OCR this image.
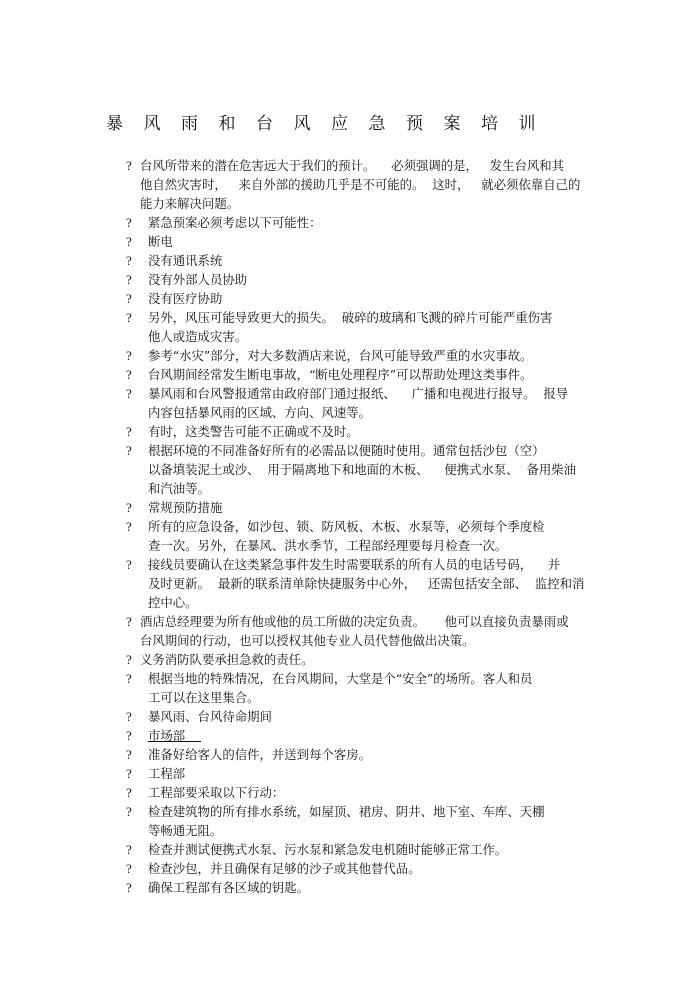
暴风雨和台风应急预案培训
? 台风所带来的潜在危害远大于我们的预计。    必须强调的是，   发生台风和其
他自然灾害时，   来自外部的援助几乎是不可能的。  这时，   就必须依靠自己的
能力来解决问题。
? 紧急预案必须考虑以下可能性：
? 断电
? 没有通讯系统
? 没有外部人员协助
? 没有医疗协助
? 另外，风压可能导致更大的损失。  破碎的玻璃和飞溅的碎片可能严重伤害
他人或造成灾害。
? 参考“水灾”部分，对大多数酒店来说，台风可能导致严重的水灾事故。
? 台风期间经常发生断电事故，“断电处理程序”可以帮助处理这类事件。
? 暴风雨和台风警报通常由政府部门通过报纸、    广播和电视进行报导。  报导
内容包括暴风雨的区域、方向、风速等。
? 有时，这类警告可能不正确或不及时。
? 根据环境的不同准备好所有的必需品以便随时使用。通常包括沙包（空）
以备填装泥土或沙、  用于隔离地下和地面的木板、    便携式水泵、  备用柴油
和汽油等。
? 常规预防措施
? 所有的应急设备，如沙包、锁、防风板、木板、水泵等，必须每个季度检
查一次。另外，在暴风、洪水季节，工程部经理要每月检查一次。
? 接线员要确认在这类紧急事件发生时需要联系的所有人员的电话号码，    并
及时更新。  最新的联系清单除快捷服务中心外，   还需包括安全部、  监控和消
控中心。
? 酒店总经理要为所有他或他的员工所做的决定负责。     他可以直接负责暴雨或
台风期间的行动，也可以授权其他专业人员代替他做出决策。
? 义务消防队要承担急救的责任。
? 根据当地的特殊情况，在台风期间，大堂是个“安全”的场所。客人和员
工可以在这里集合。
? 暴风雨、台风待命期间
? 市场部
? 准备好给客人的信件，并送到每个客房。
? 工程部
? 工程部要采取以下行动：
? 检查建筑物的所有排水系统，如屋顶、裙房、阴井、地下室、车库、天棚
等畅通无阻。
? 检查并测试便携式水泵、污水泵和紧急发电机随时能够正常工作。
? 检查沙包，并且确保有足够的沙子或其他替代品。
? 确保工程部有各区域的钥匙。
